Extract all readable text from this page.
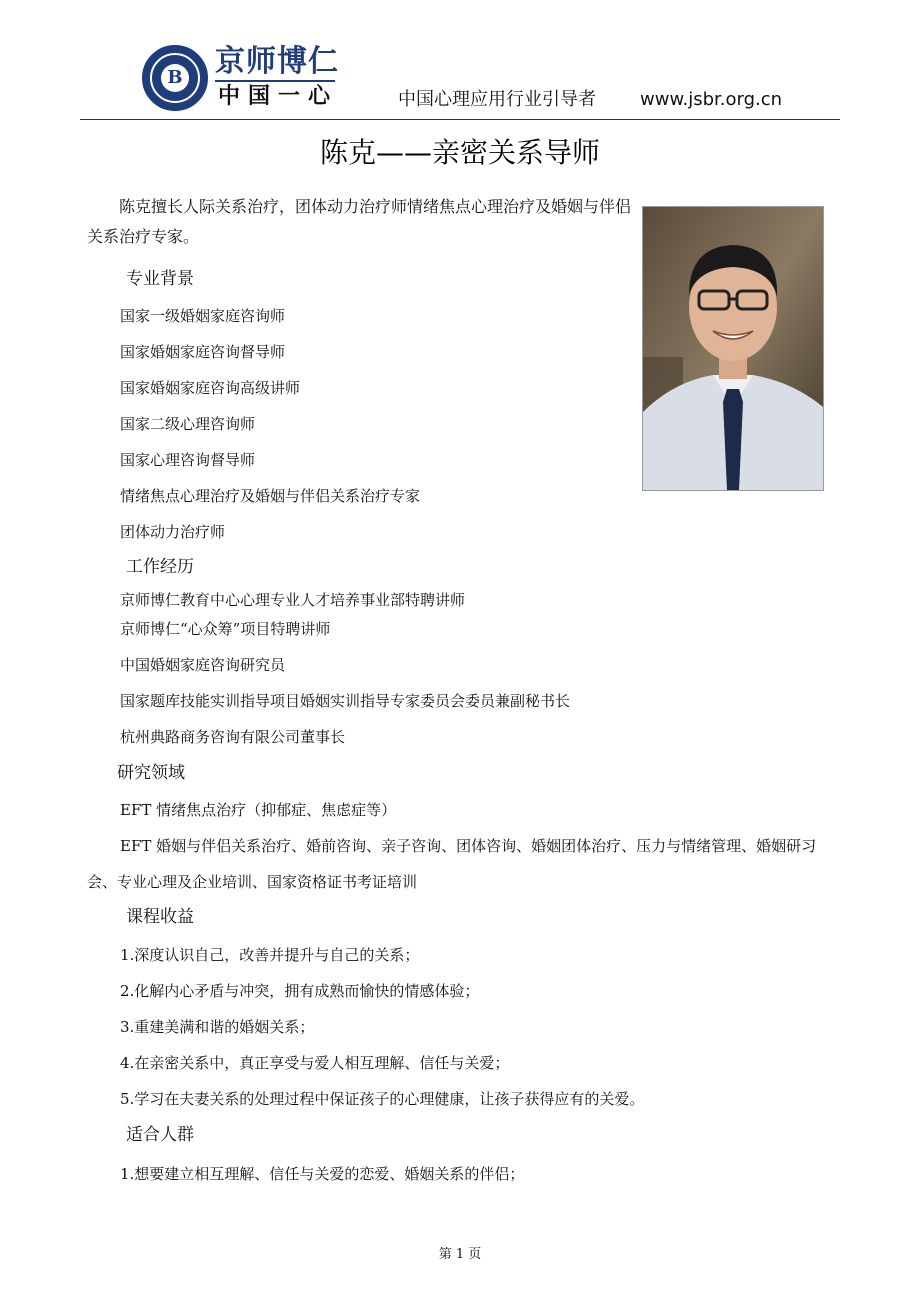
B 京师博仁
中国一心	中国心理应用行业引导者 www.jsbr.org.cn
陈克——亲密关系导师
陈克擅长人际关系治疗，团体动力治疗师情绪焦点心理治疗及婚姻与伴侣关系治疗专家。
专业背景
国家一级婚姻家庭咨询师
国家婚姻家庭咨询督导师
国家婚姻家庭咨询高级讲师
国家二级心理咨询师
国家心理咨询督导师
情绪焦点心理治疗及婚姻与伴侣关系治疗专家
团体动力治疗师
工作经历
京师博仁教育中心心理专业人才培养事业部特聘讲师
京师博仁“心众筹”项目特聘讲师
中国婚姻家庭咨询研究员
国家题库技能实训指导项目婚姻实训指导专家委员会委员兼副秘书长
杭州典路商务咨询有限公司董事长
研究领域
EFT 情绪焦点治疗（抑郁症、焦虑症等）
EFT 婚姻与伴侣关系治疗、婚前咨询、亲子咨询、团体咨询、婚姻团体治疗、压力与情绪管理、婚姻研习会、专业心理及企业培训、国家资格证书考证培训
课程收益
1.深度认识自己，改善并提升与自己的关系；
2.化解内心矛盾与冲突，拥有成熟而愉快的情感体验；
3.重建美满和谐的婚姻关系；
4.在亲密关系中，真正享受与爱人相互理解、信任与关爱；
5.学习在夫妻关系的处理过程中保证孩子的心理健康，让孩子获得应有的关爱。
适合人群
1.想要建立相互理解、信任与关爱的恋爱、婚姻关系的伴侣；
第 1 页
